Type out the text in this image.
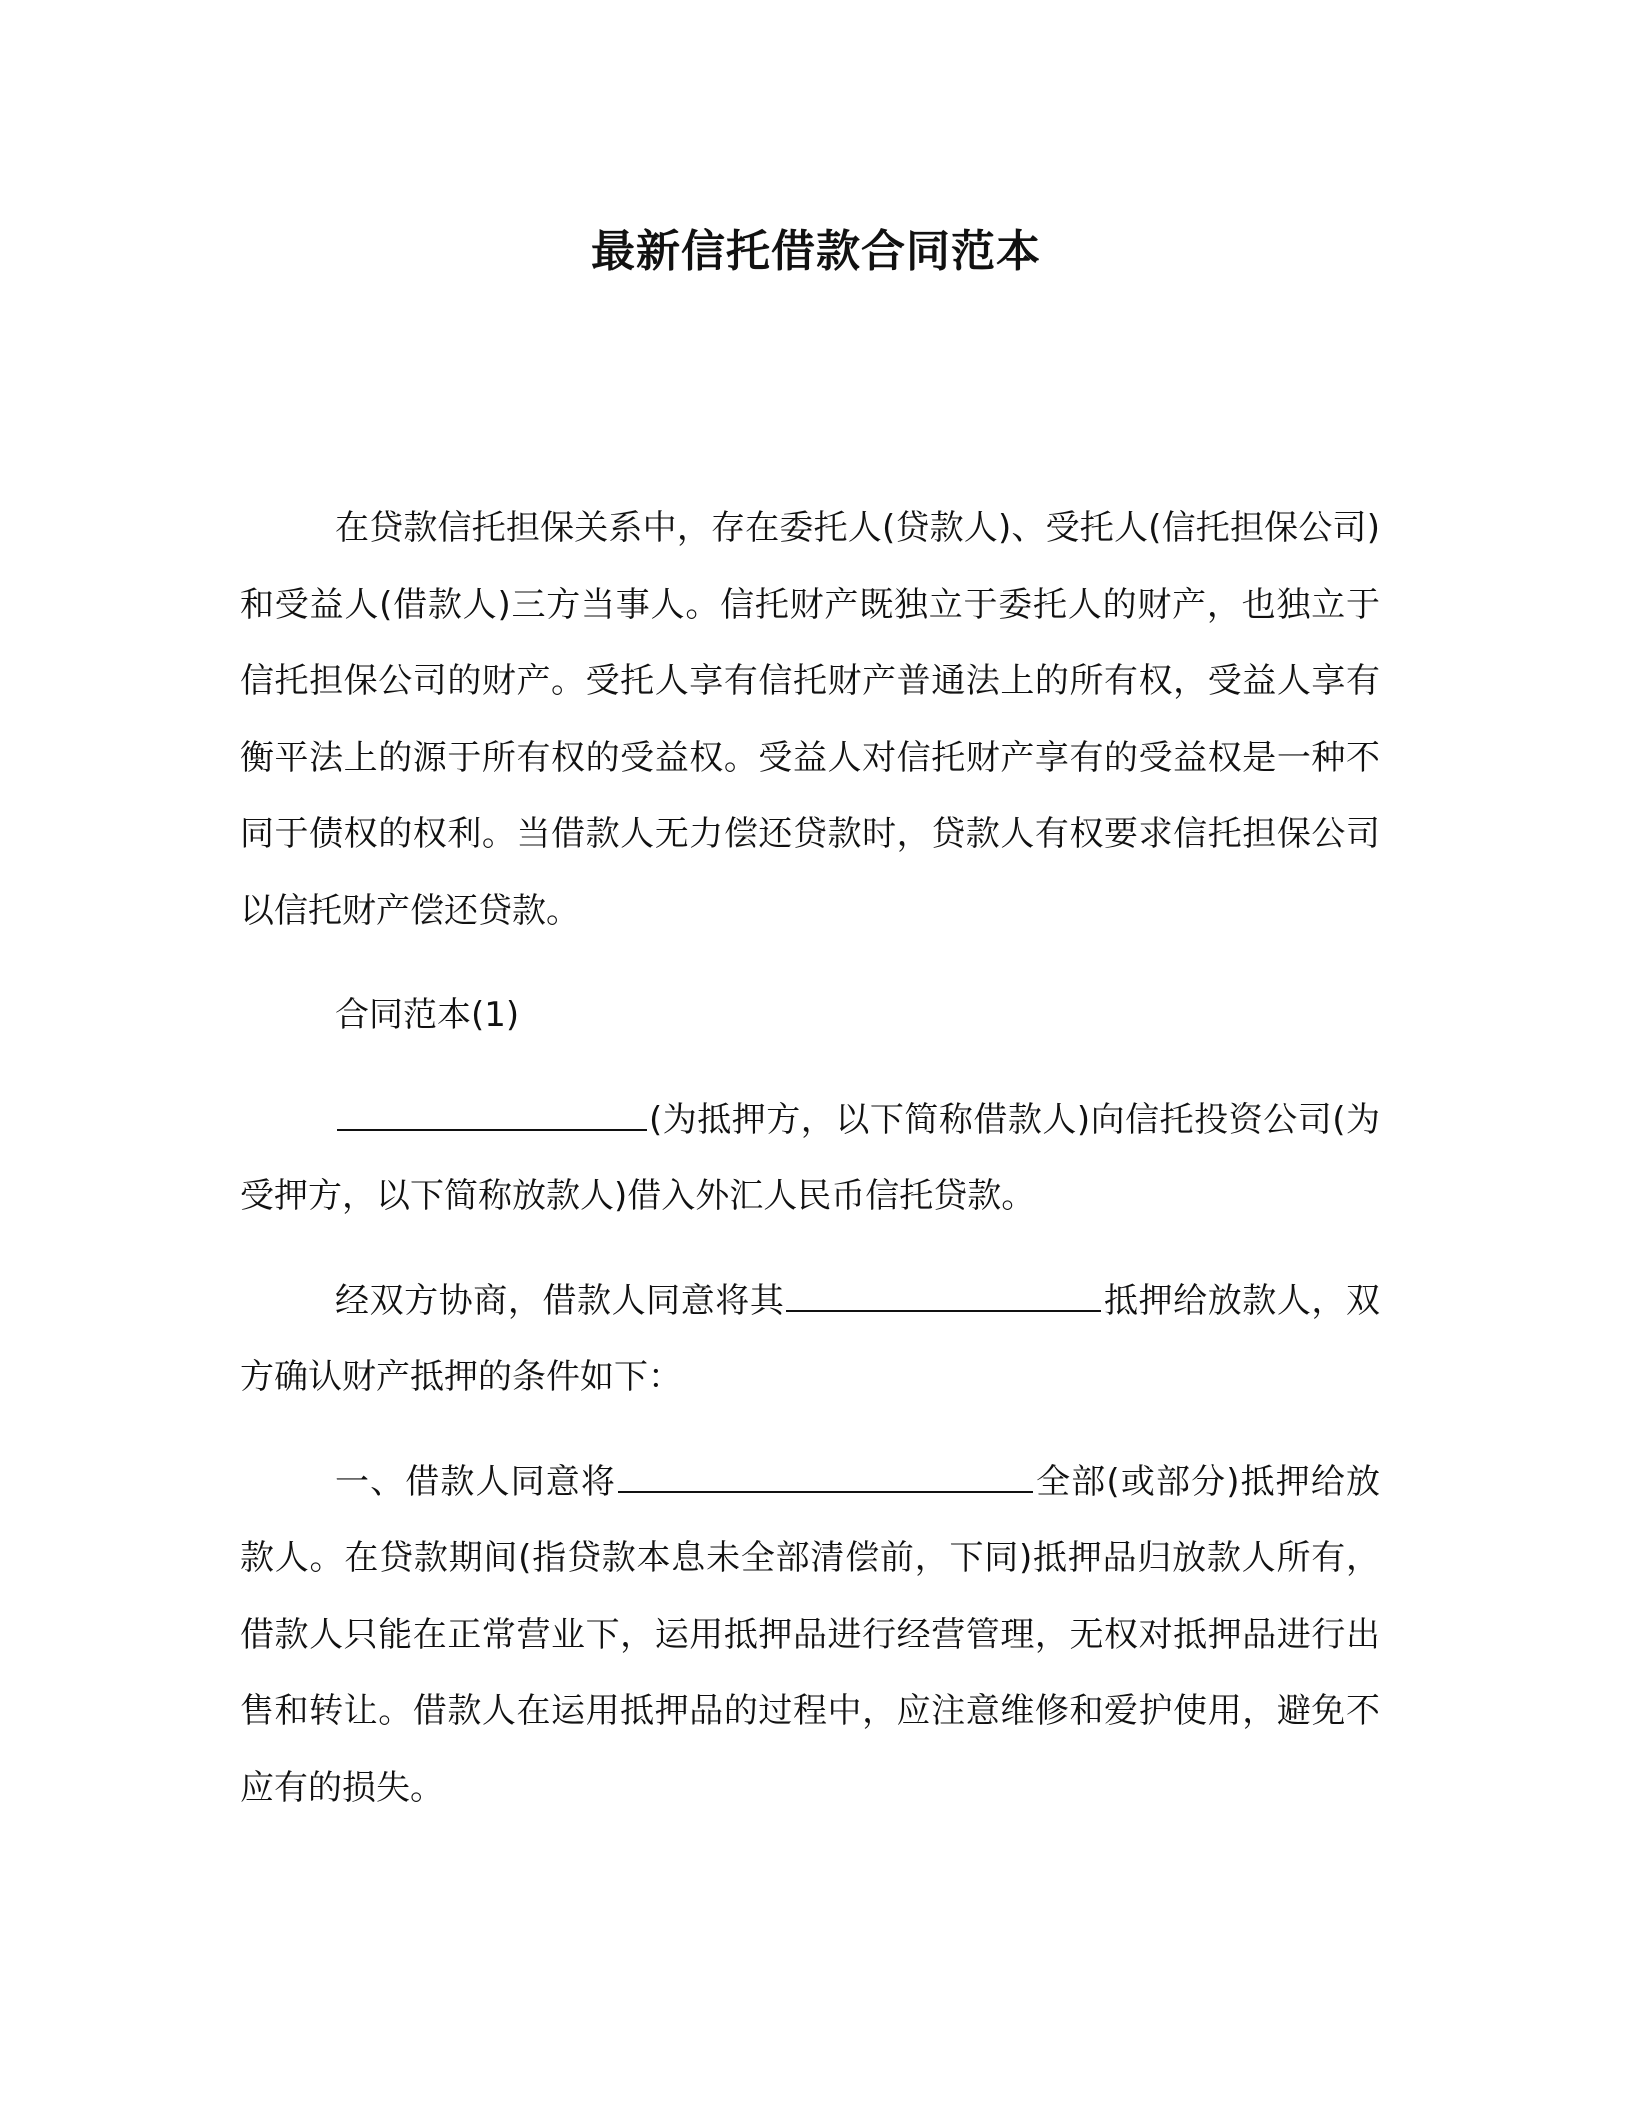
最新信托借款合同范本

在贷款信托担保关系中，存在委托人(贷款人)、受托人(信托担保公司)和受益人(借款人)三方当事人。信托财产既独立于委托人的财产，也独立于信托担保公司的财产。受托人享有信托财产普通法上的所有权，受益人享有衡平法上的源于所有权的受益权。受益人对信托财产享有的受益权是一种不同于债权的权利。当借款人无力偿还贷款时，贷款人有权要求信托担保公司以信托财产偿还贷款。

合同范本(1)

(为抵押方，以下简称借款人)向信托投资公司(为受押方，以下简称放款人)借入外汇人民币信托贷款。

经双方协商，借款人同意将其	抵押给放款人，双方确认财产抵押的条件如下：

一、借款人同意将	全部(或部分)抵押给放款人。在贷款期间(指贷款本息未全部清偿前，下同)抵押品归放款人所有，借款人只能在正常营业下，运用抵押品进行经营管理，无权对抵押品进行出售和转让。借款人在运用抵押品的过程中，应注意维修和爱护使用，避免不应有的损失。
